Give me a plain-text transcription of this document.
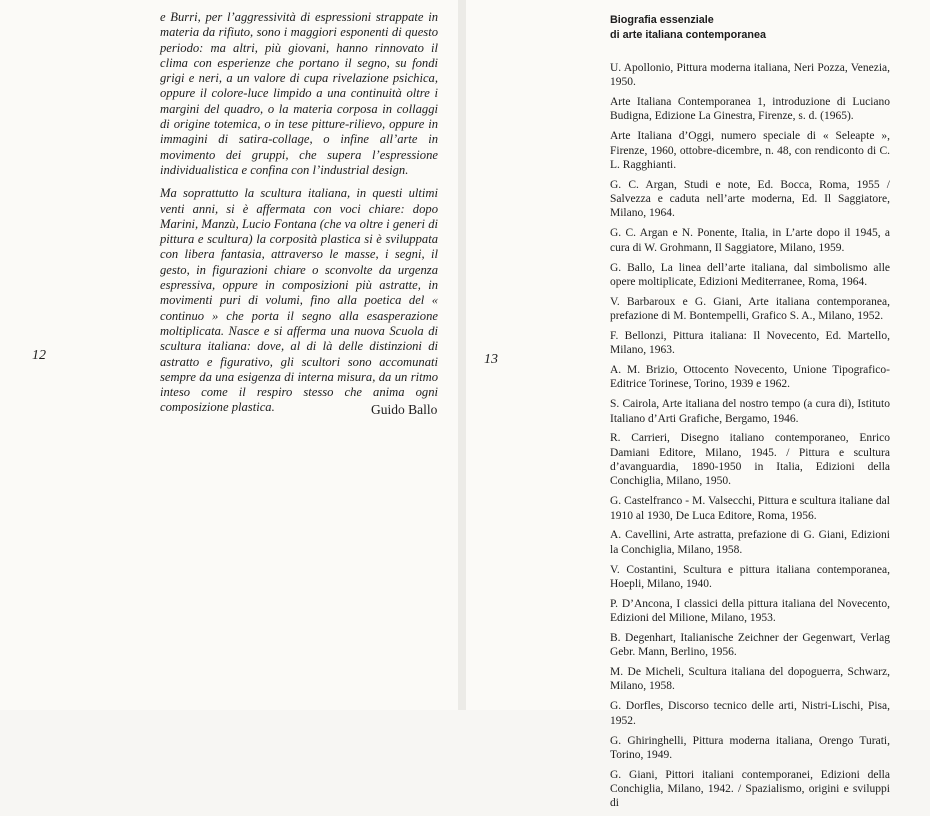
12

e Burri, per l’aggressività di espressioni strappate in materia da rifiuto, sono i maggiori esponenti di questo periodo: ma altri, più giovani, hanno rinnovato il clima con esperienze che portano il segno, su fondi grigi e neri, a un valore di cupa rivelazione psichica, oppure il colore-luce limpido a una continuità oltre i margini del quadro, o la materia corposa in collaggi di origine totemica, o in tese pitture-rilievo, oppure in immagini di satira-collage, o infine all’arte in movimento dei gruppi, che supera l’espressione individualistica e confina con l’industrial design.

Ma soprattutto la scultura italiana, in questi ultimi venti anni, si è affermata con voci chiare: dopo Marini, Manzù, Lucio Fontana (che va oltre i generi di pittura e scultura) la corposità plastica si è sviluppata con libera fantasia, attraverso le masse, i segni, il gesto, in figurazioni chiare o sconvolte da urgenza espressiva, oppure in composizioni più astratte, in movimenti puri di volumi, fino alla poetica del « continuo » che porta il segno alla esasperazione moltiplicata. Nasce e si afferma una nuova Scuola di scultura italiana: dove, al di là delle distinzioni di astratto e figurativo, gli scultori sono accomunati sempre da una esigenza di interna misura, da un ritmo inteso come il respiro stesso che anima ogni composizione plastica.	Guido Ballo
13
Biografia essenziale
di arte italiana contemporanea

U. Apollonio, Pittura moderna italiana, Neri Pozza, Venezia, 1950.

Arte Italiana Contemporanea 1, introduzione di Luciano Budigna, Edizione La Ginestra, Firenze, s. d. (1965).

Arte Italiana d’Oggi, numero speciale di « Seleарte », Firenze, 1960, ottobre-dicembre, n. 48, con rendiconto di C. L. Ragghianti.

G. C. Argan, Studi e note, Ed. Bocca, Roma, 1955 / Salvezza e caduta nell’arte moderna, Ed. Il Saggiatore, Milano, 1964.

G. C. Argan e N. Ponente, Italia, in L’arte dopo il 1945, a cura di W. Grohmann, Il Saggiatore, Milano, 1959.

G. Ballo, La linea dell’arte italiana, dal simbolismo alle opere moltiplicate, Edizioni Mediterranee, Roma, 1964.

V. Barbaroux e G. Giani, Arte italiana contemporanea, prefazione di M. Bontempelli, Grafico S. A., Milano, 1952.

F. Bellonzi, Pittura italiana: Il Novecento, Ed. Martello, Milano, 1963.

A. M. Brizio, Ottocento Novecento, Unione Tipografico-Editrice Torinese, Torino, 1939 e 1962.

S. Cairola, Arte italiana del nostro tempo (a cura di), Istituto Italiano d’Arti Grafiche, Bergamo, 1946.

R. Carrieri, Disegno italiano contemporaneo, Enrico Damiani Editore, Milano, 1945. / Pittura e scultura d’avanguardia, 1890-1950 in Italia, Edizioni della Conchiglia, Milano, 1950.

G. Castelfranco - M. Valsecchi, Pittura e scultura italiane dal 1910 al 1930, De Luca Editore, Roma, 1956.

A. Cavellini, Arte astratta, prefazione di G. Giani, Edizioni la Conchiglia, Milano, 1958.

V. Costantini, Scultura e pittura italiana contemporanea, Hoepli, Milano, 1940.

P. D’Ancona, I classici della pittura italiana del Novecento, Edizioni del Milione, Milano, 1953.

B. Degenhart, Italianische Zeichner der Gegenwart, Verlag Gebr. Mann, Berlino, 1956.

M. De Micheli, Scultura italiana del dopoguerra, Schwarz, Milano, 1958.

G. Dorfles, Discorso tecnico delle arti, Nistri-Lischi, Pisa, 1952.

G. Ghiringhelli, Pittura moderna italiana, Orengo Turati, Torino, 1949.

G. Giani, Pittori italiani contemporanei, Edizioni della Conchiglia, Milano, 1942. / Spazialismo, origini e sviluppi di
